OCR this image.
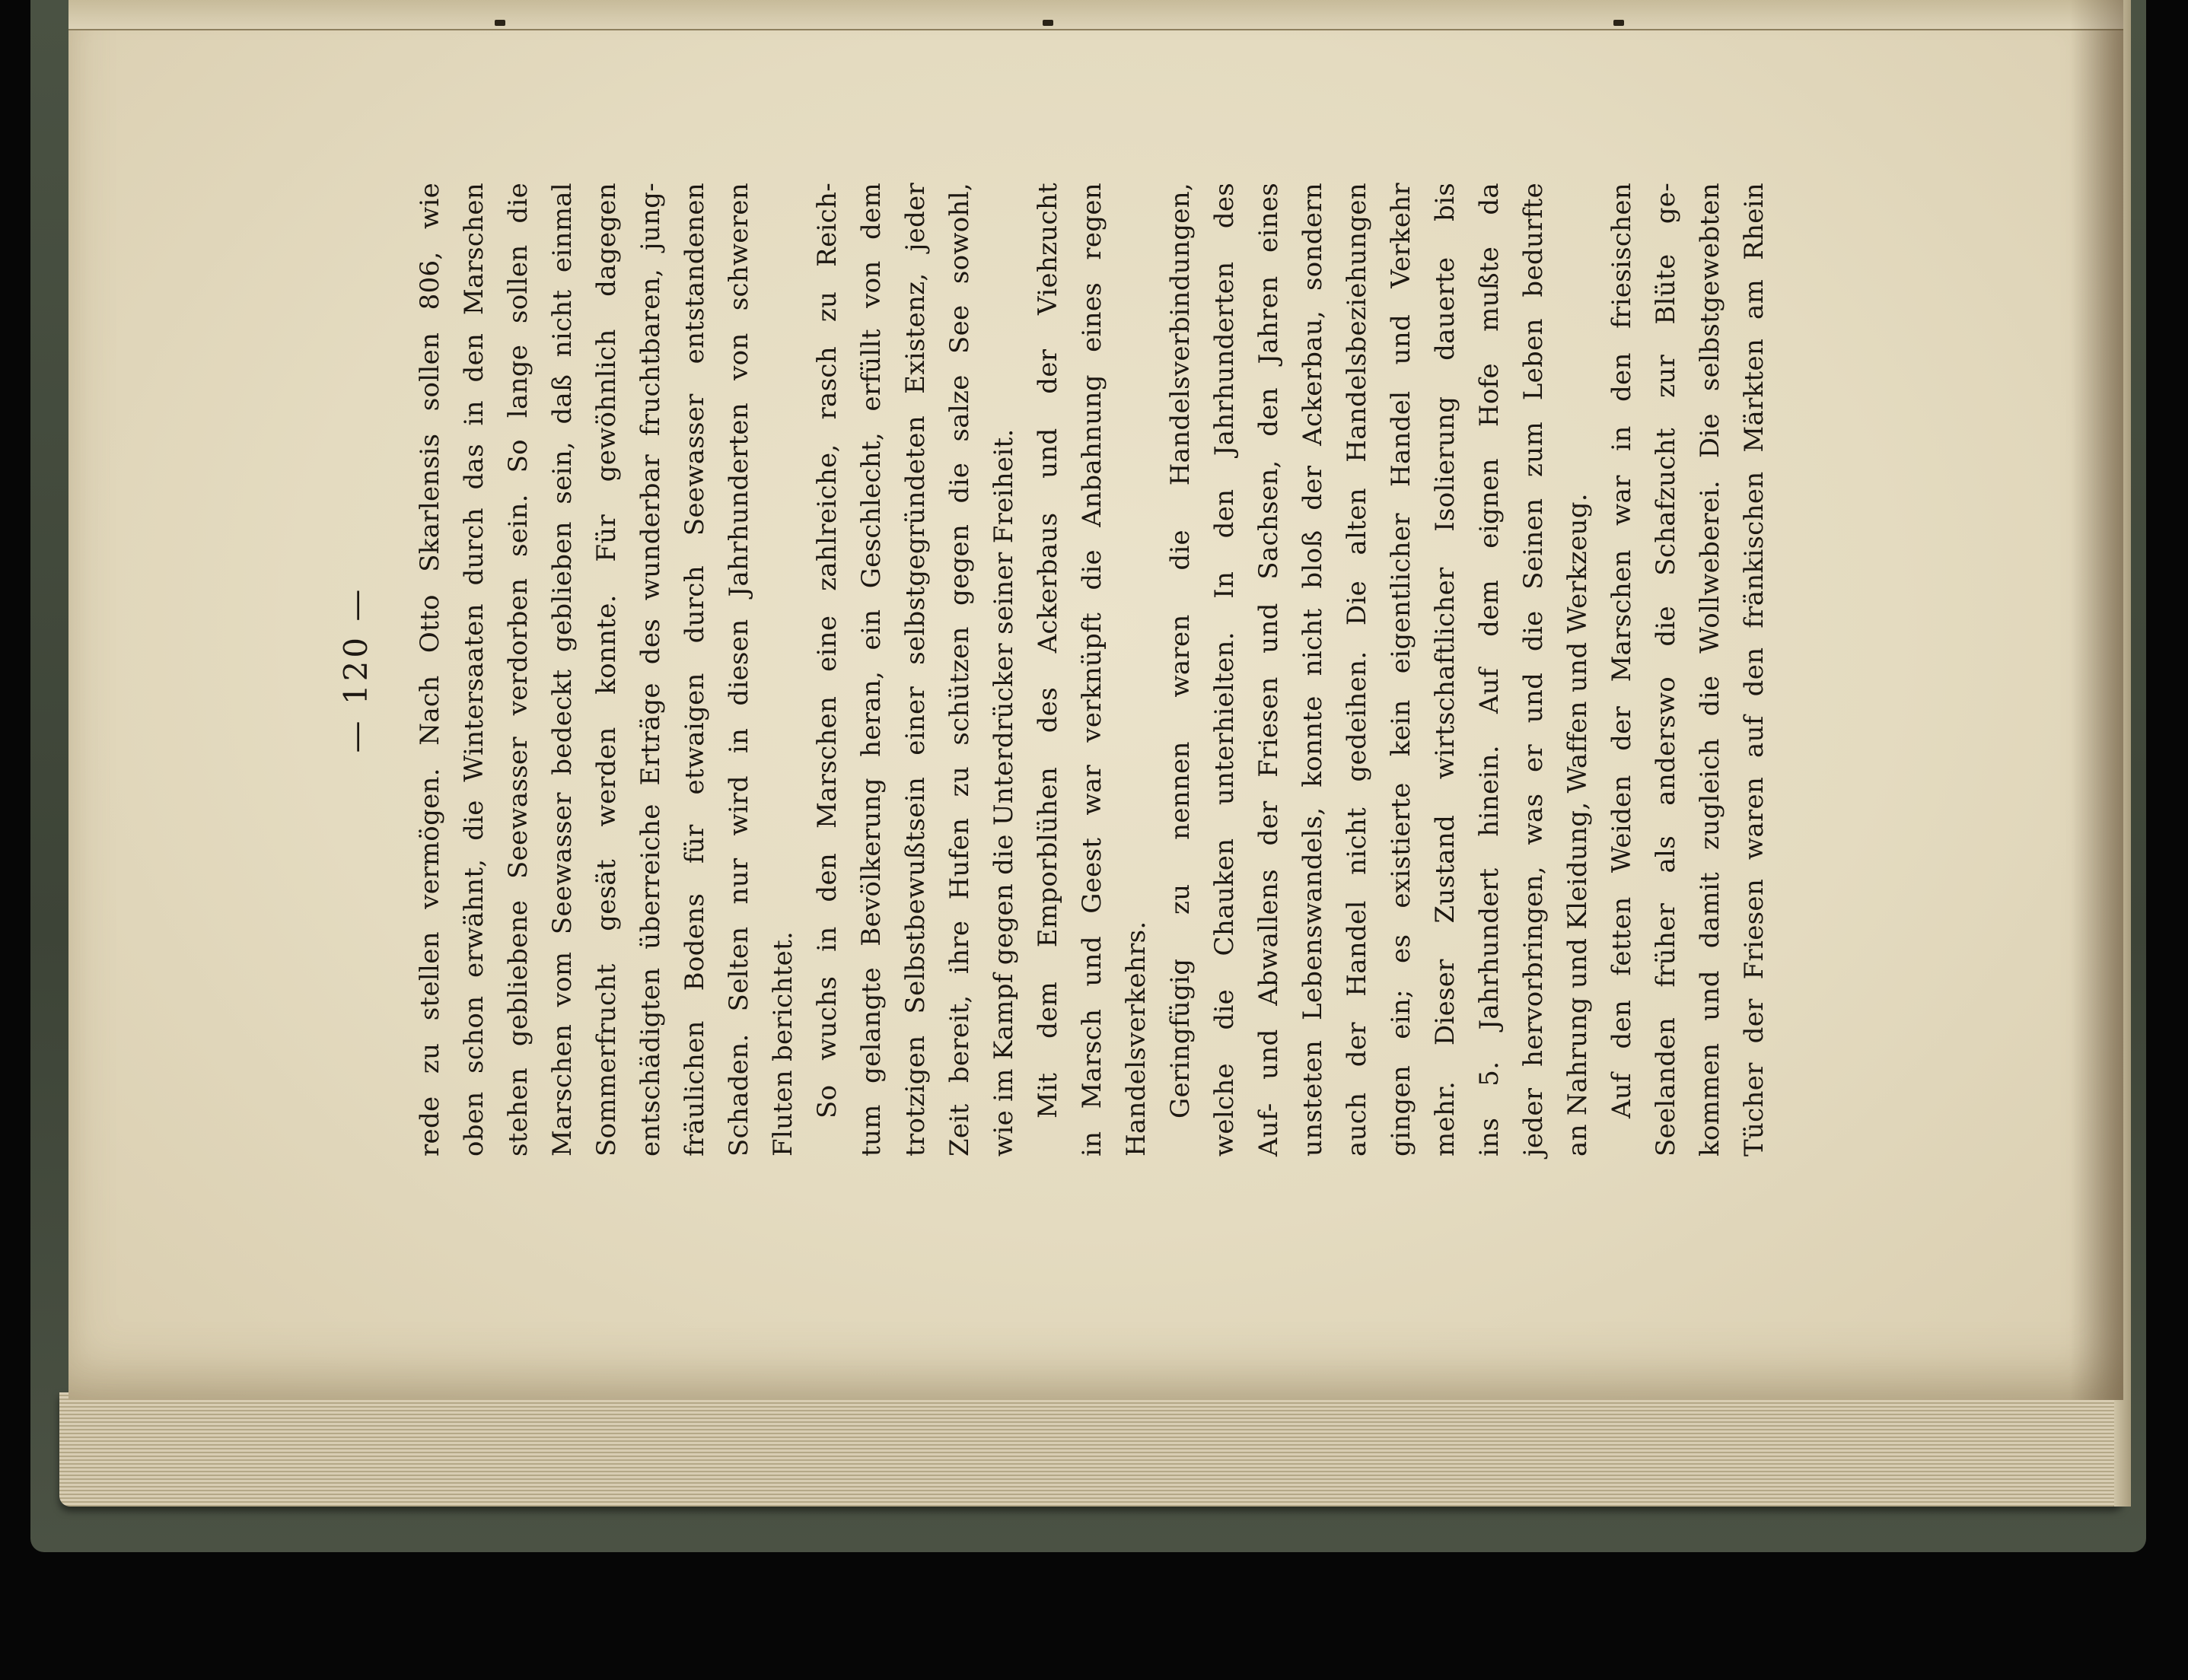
— 120 — rede zu stellen vermögen. Nach Otto Skarlensis sollen 806, wie oben schon erwähnt, die Wintersaaten durch das in den Marschen stehen gebliebene Seewasser verdorben sein. So lange sollen die Marschen vom Seewasser bedeckt geblieben sein, daß nicht einmal Sommerfrucht gesät werden konnte. Für gewöhnlich dagegen entschädigten überreiche Erträge des wunderbar fruchtbaren, jung- fräulichen Bodens für etwaigen durch Seewasser entstandenen Schaden. Selten nur wird in diesen Jahrhunderten von schweren Fluten berichtet. So wuchs in den Marschen eine zahlreiche, rasch zu Reich- tum gelangte Bevölkerung heran, ein Geschlecht, erfüllt von dem trotzigen Selbstbewußtsein einer selbstgegründeten Existenz, jeder Zeit bereit, ihre Hufen zu schützen gegen die salze See sowohl, wie im Kampf gegen die Unterdrücker seiner Freiheit. Mit dem Emporblühen des Ackerbaus und der Viehzucht in Marsch und Geest war verknüpft die Anbahnung eines regen Handelsverkehrs. Geringfügig zu nennen waren die Handelsverbindungen, welche die Chauken unterhielten. In den Jahrhunderten des Auf- und Abwallens der Friesen und Sachsen, den Jahren eines unsteten Lebenswandels, konnte nicht bloß der Ackerbau, sondern auch der Handel nicht gedeihen. Die alten Handelsbeziehungen gingen ein; es existierte kein eigentlicher Handel und Verkehr mehr. Dieser Zustand wirtschaftlicher Isolierung dauerte bis ins 5. Jahrhundert hinein. Auf dem eignen Hofe mußte da jeder hervorbringen, was er und die Seinen zum Leben bedurfte an Nahrung und Kleidung, Waffen und Werkzeug. Auf den fetten Weiden der Marschen war in den friesischen Seelanden früher als anderswo die Schafzucht zur Blüte ge- kommen und damit zugleich die Wollweberei. Die selbstgewebten Tücher der Friesen waren auf den fränkischen Märkten am Rhein
